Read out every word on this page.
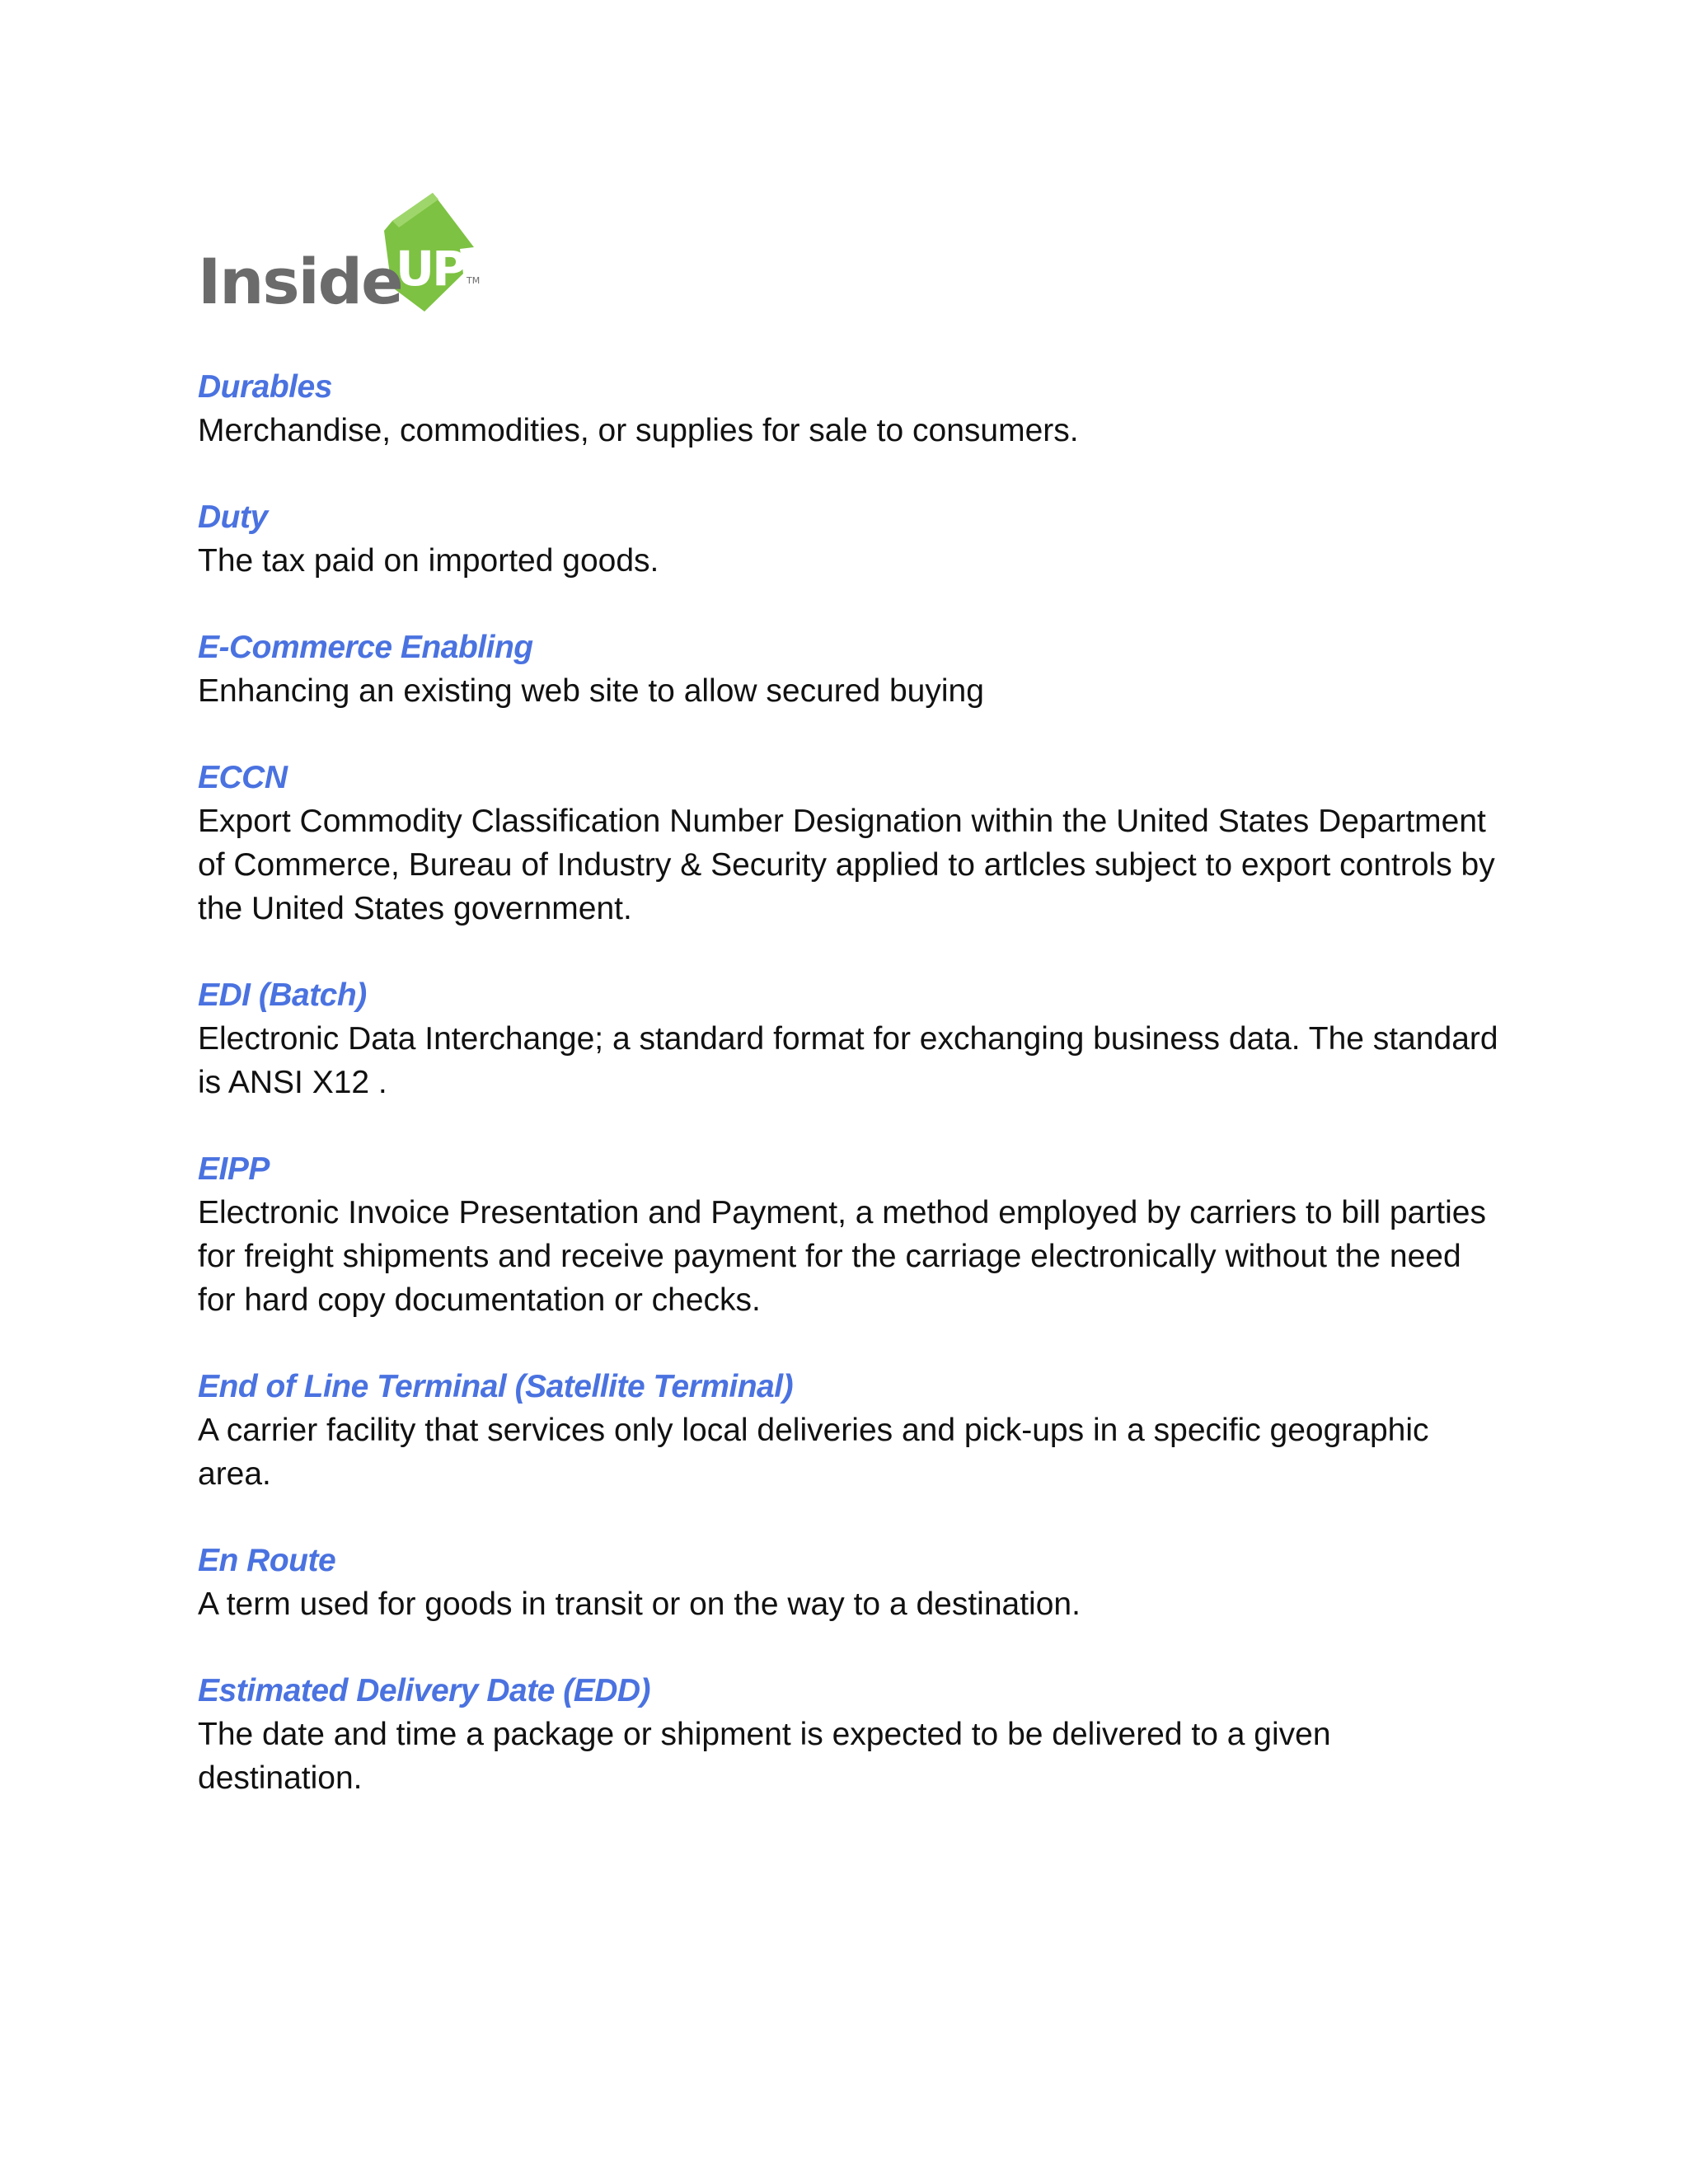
Inside
UP TM
Durables
Merchandise, commodities, or supplies for sale to consumers.
Duty
The tax paid on imported goods.
E-Commerce Enabling
Enhancing an existing web site to allow secured buying
ECCN
Export Commodity Classification Number Designation within the United States Department of Commerce, Bureau of Industry & Security applied to artlcles subject to export controls by the United States government.
EDI (Batch)
Electronic Data Interchange; a standard format for exchanging business data. The standard is ANSI X12 .
EIPP
Electronic Invoice Presentation and Payment, a method employed by carriers to bill parties for freight shipments and receive payment for the carriage electronically without the need for hard copy documentation or checks.
End of Line Terminal (Satellite Terminal)
A carrier facility that services only local deliveries and pick-ups in a specific geographic area.
En Route
A term used for goods in transit or on the way to a destination.
Estimated Delivery Date (EDD)
The date and time a package or shipment is expected to be delivered to a given destination.
